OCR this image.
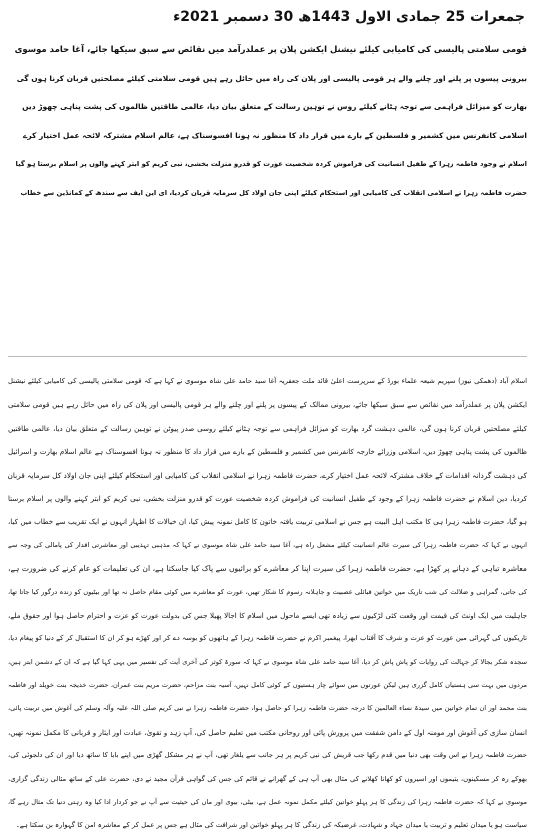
جمعرات 25 جمادی الاول 1443ھ 30 دسمبر 2021ء
قومی سلامتی پالیسی کی کامیابی کیلئے نیشنل ایکشن پلان پر عملدرآمد میں نقائص سے سبق سیکھا جائے، آغا حامد موسوی
بیرونی پیسوں پر پلنے اور چلنے والے ہر قومی پالیسی اور پلان کی راہ میں حائل رہے ہیں قومی سلامتی کیلئے مصلحتیں قربان کرنا ہوں گی
بھارت کو میزائل فراہمی سے توجہ ہٹانے کیلئے روس نے توہین رسالت کے متعلق بیان دیا، عالمی طاقتیں ظالموں کی پشت پناہی چھوڑ دیں
اسلامی کانفرنس میں کشمیر و فلسطین کے بارے میں قرار داد کا منظور نہ ہونا افسوسناک ہے، عالم اسلام مشترکہ لائحہ عمل اختیار کرے
اسلام نے وجود فاطمہ زہرا کے طفیل انسانیت کی فراموش کردہ شخصیت عورت کو قدرو منزلت بخشی، نبی کریم کو ابتر کہنے والوں پر اسلام برستا ہو گیا
حضرت فاطمہ زہرا نے اسلامی انقلاب کی کامیابی اور استحکام کیلئے اپنی جان اولاد کل سرمایہ قربان کردیا، ای این ایف سے سندھ کے کمانڈین سے خطاب
اسلام آباد (دھمکی نیوز) سپریم شیعہ علماء بورڈ کے سرپرست اعلیٰ قائد ملت جعفریہ آغا سید حامد علی شاہ موسوی نے کہا ہے کہ قومی سلامتی پالیسی کی کامیابی کیلئے نیشنل
ایکشن پلان پر عملدرآمد میں نقائص سے سبق سیکھا جائے، بیرونی ممالک کے پیسوں پر پلنے اور چلنے والے ہر قومی پالیسی اور پلان کی راہ میں حائل رہے ہیں قومی سلامتی
کیلئے مصلحتیں قربان کرنا ہوں گی، عالمی دہشت گرد بھارت کو میزائل فراہمی سے توجہ ہٹانے کیلئے روسی صدر پیوٹن نے توہین رسالت کے متعلق بیان دیا، عالمی طاقتیں
ظالموں کی پشت پناہی چھوڑ دیں، اسلامی وزرائے خارجہ کانفرنس میں کشمیر و فلسطین کے بارے میں قرار داد کا منظور نہ ہونا افسوسناک ہے عالم اسلام بھارت و اسرائیل
کی دہشت گردانہ اقدامات کے خلاف مشترکہ لائحہ عمل اختیار کرے، حضرت فاطمہ زہرا نے اسلامی انقلاب کی کامیابی اور استحکام کیلئے اپنی جان اولاد کل سرمایہ قربان
کردیا، دین اسلام نے حضرت فاطمہ زہرا کے وجود کے طفیل انسانیت کی فراموش کردہ شخصیت عورت کو قدرو منزلت بخشی، نبی کریم کو ابتر کہنے والوں پر اسلام برستا
ہو گیا، حضرت فاطمہ زہرا ہی کا مکتب اہل البیت ہے جس نے اسلامی تربیت یافتہ خاتون کا کامل نمونہ پیش کیا، ان خیالات کا اظہار انہوں نے ایک تقریب سے خطاب میں کیا،
انہوں نے کہا کہ حضرت فاطمہ زہرا کی سیرت عالم انسانیت کیلئے مشعل راہ ہے، آغا سید حامد علی شاہ موسوی نے کہا کہ مذہبی تہذیبی اور معاشرتی اقدار کی پامالی کی وجہ سے
معاشرہ تباہی کے دہانے پر کھڑا ہے، حضرت فاطمہ زہرا کی سیرت اپنا کر معاشرے کو برائیوں سے پاک کیا جاسکتا ہے، ان کی تعلیمات کو عام کرنے کی ضرورت ہے،
کی جاتی، گمراہی و ضلالت کی شب تاریک میں خواتین قبائلی عصبیت و جاہلانہ رسوم کا شکار تھیں، عورت کو معاشرے میں کوئی مقام حاصل نہ تھا اور بیٹیوں کو زندہ درگور کیا جاتا تھا،
جاہلیت میں ایک اونٹ کی قیمت اور وقعت کئی لڑکیوں سے زیادہ تھی ایسے ماحول میں اسلام کا اجالا پھیلا جس کی بدولت عورت کو عزت و احترام حاصل ہوا اور حقوق ملے،
تاریکیوں کی گہرائی میں عورت کو عزت و شرف کا آفتاب ابھرا، پیغمبر اکرم نے حضرت فاطمہ زہرا کے ہاتھوں کو بوسہ دے کر اور کھڑے ہو کر ان کا استقبال کر کے دنیا کو پیغام دیا،
سجدہ شکر بجالا کر جہالت کی روایات کو پاش پاش کر دیا، آغا سید حامد علی شاہ موسوی نے کہا کہ سورۃ کوثر کی آخری آیت کی تفسیر میں یہی کہا گیا ہے کہ ان کے دشمن ابتر ہیں،
مردوں میں بہت سی ہستیاں کامل گزری ہیں لیکن عورتوں میں سوائے چار ہستیوں کے کوئی کامل نہیں، آسیہ بنت مزاحم، حضرت مریم بنت عمران، حضرت خدیجہ بنت خویلد اور فاطمہ
بنت محمد اور ان تمام خواتین میں سیدۃ نساء العالمین کا درجہ حضرت فاطمہ زہرا کو حاصل ہوا، حضرت فاطمہ زہرا نے نبی کریم صلی اللہ علیہ وآلہ وسلم کی آغوش میں تربیت پائی،
انسان سازی کی آغوش اور مومنہ اول کے دامن شفقت میں پرورش پائی اور روحانی مکتب میں تعلیم حاصل کی، آپ زہد و تقویٰ، عبادت اور ایثار و قربانی کا مکمل نمونہ تھیں،
حضرت فاطمہ زہرا نے اس وقت بھی دنیا میں قدم رکھا جب قریش کی نبی کریم پر ہر جانب سے یلغار تھی، آپ نے ہر مشکل گھڑی میں اپنے بابا کا ساتھ دیا اور ان کی دلجوئی کی،
بھوکے رہ کر مسکینوں، یتیموں اور اسیروں کو کھانا کھلانے کی مثال بھی آپ ہی کے گھرانے نے قائم کی جس کی گواہی قرآن مجید نے دی، حضرت علی کے ساتھ مثالی زندگی گزاری،
موسوی نے کہا کہ حضرت فاطمہ زہرا کی زندگی کا ہر پہلو خواتین کیلئے مکمل نمونہ عمل ہے، بیٹی، بیوی اور ماں کی حیثیت سے آپ نے جو کردار ادا کیا وہ رہتی دنیا تک مثال رہے گا،
سیاست ہو یا میدان تعلیم و تربیت یا میدان جہاد و شہادت، غرضیکہ کی زندگی کا ہر پہلو خواتین اور شرافت کی مثال ہے جس پر عمل کر کے معاشرہ امن کا گہوارہ بن سکتا ہے۔
